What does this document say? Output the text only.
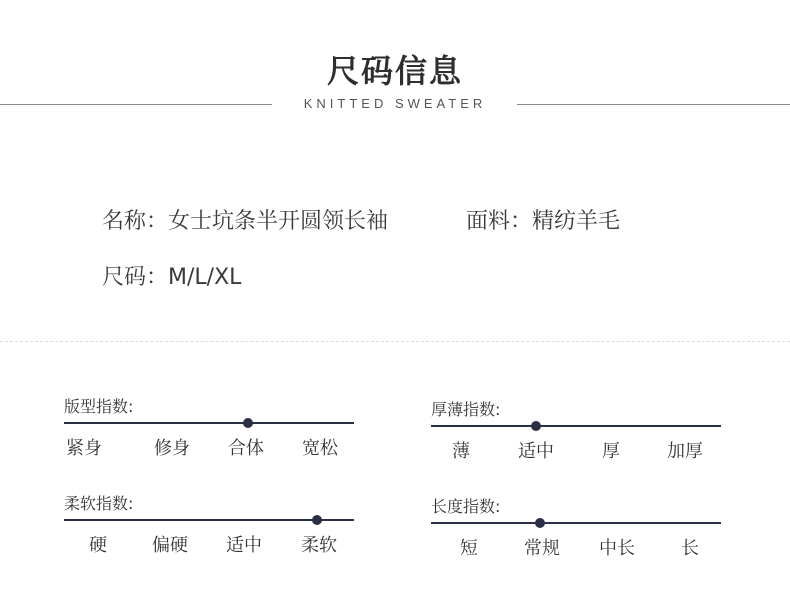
尺码信息
KNITTED SWEATER
名称：女士坑条半开圆领长袖	面料：精纺羊毛
尺码：M/L/XL
版型指数:
紧身	修身	合体	宽松
厚薄指数:
薄	适中	厚	加厚
柔软指数:
硬	偏硬	适中	柔软
长度指数:
短	常规	中长	长
